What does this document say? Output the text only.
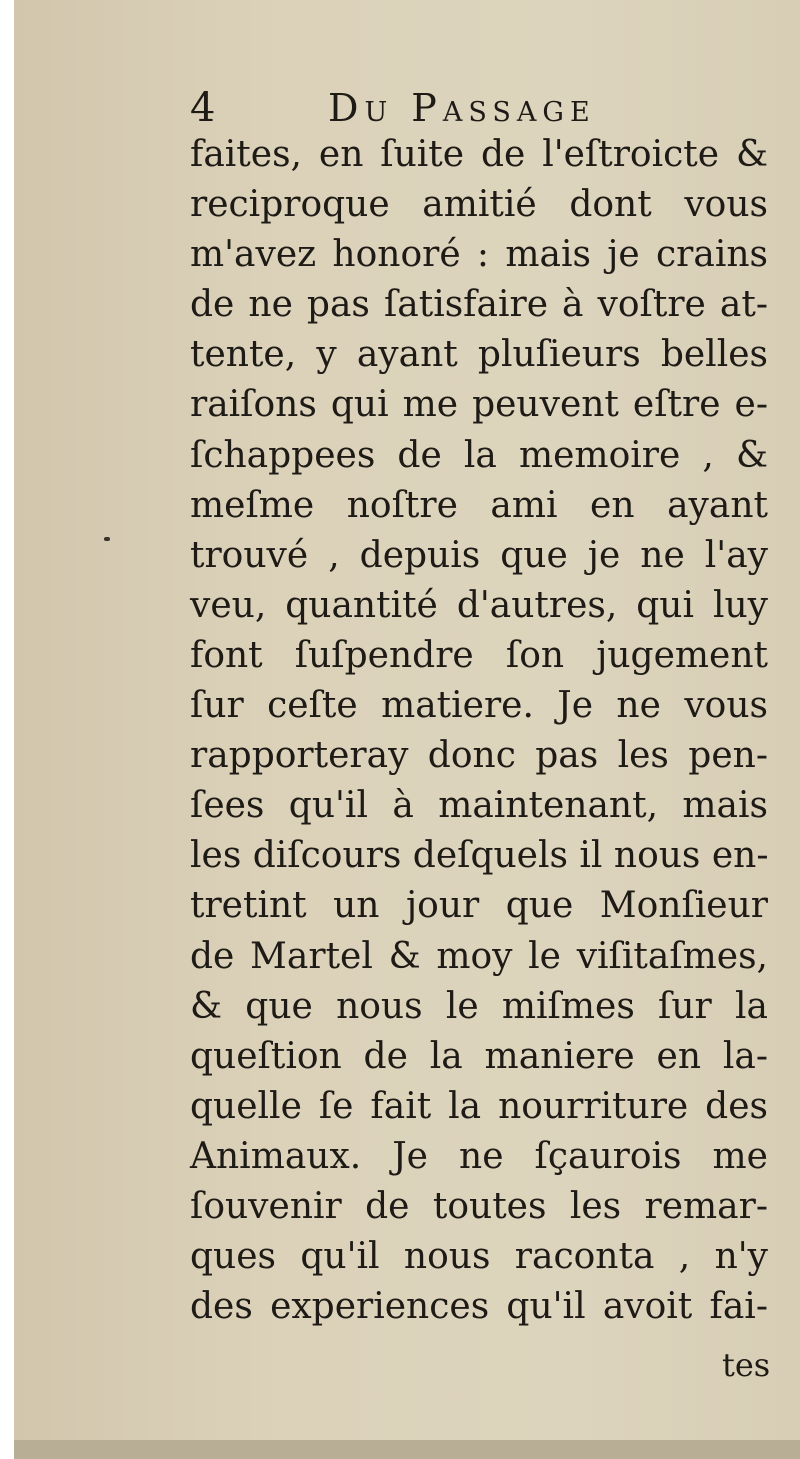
4	Du Passage
faites, en ſuite de l'eſtroicte &
reciproque amitié dont vous
m'avez honoré : mais je crains
de ne pas ſatisfaire à voſtre at-
tente, y ayant pluſieurs belles
raiſons qui me peuvent eſtre e-
ſchappees de la memoire , &
meſme noſtre ami en ayant
trouvé , depuis que je ne l'ay
veu, quantité d'autres, qui luy
font ſuſpendre ſon jugement
ſur ceſte matiere. Je ne vous
rapporteray donc pas les pen-
ſees qu'il à maintenant, mais
les diſcours deſquels il nous en-
tretint un jour que Monſieur
de Martel & moy le viſitaſmes,
& que nous le miſmes ſur la
queſtion de la maniere en la-
quelle ſe fait la nourriture des
Animaux. Je ne ſçaurois me
ſouvenir de toutes les remar-
ques qu'il nous raconta , n'y
des experiences qu'il avoit fai-
tes
